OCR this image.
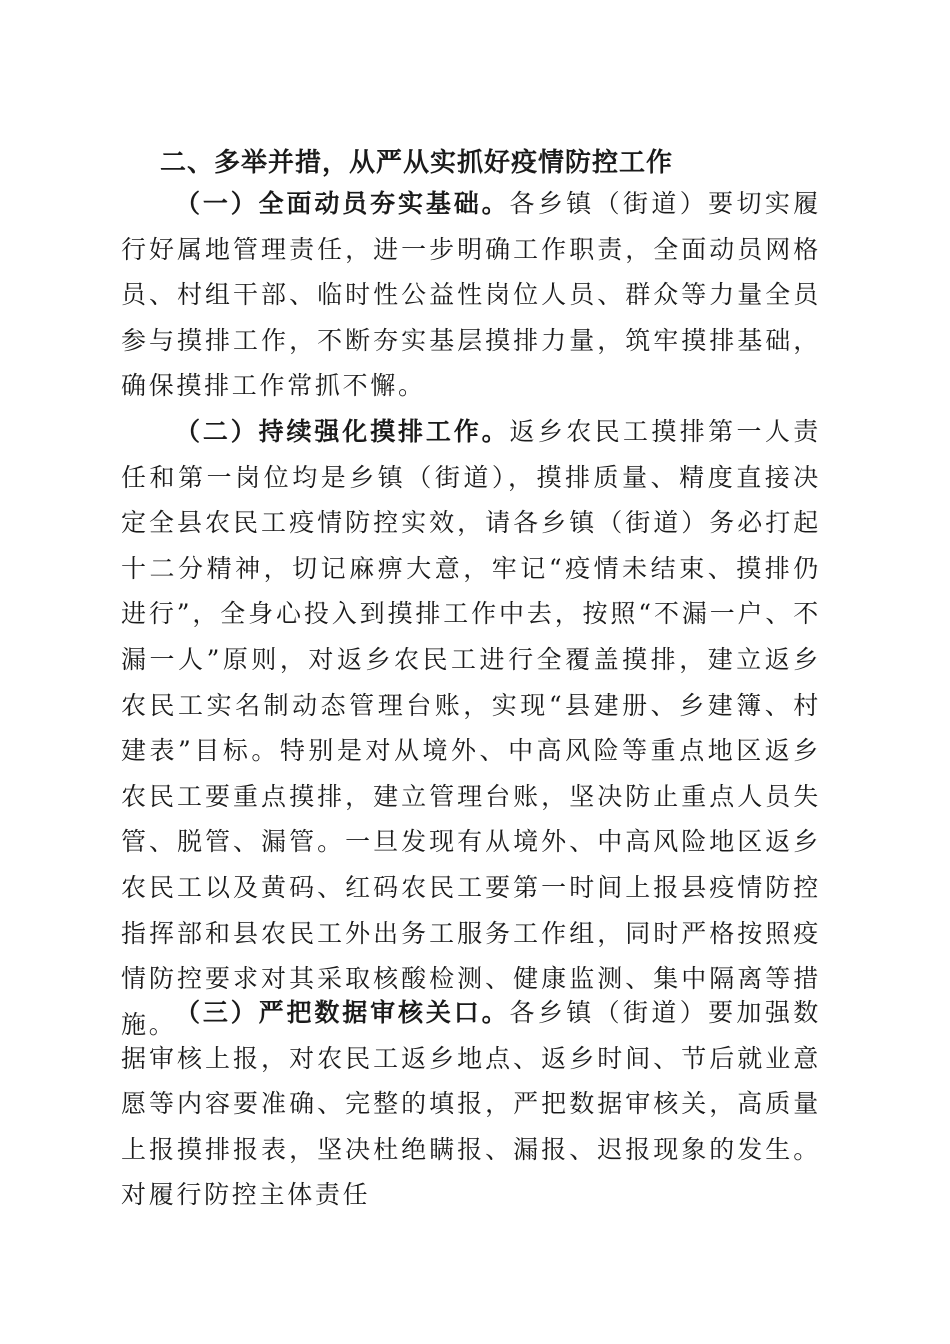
二、多举并措，从严从实抓好疫情防控工作

（一）全面动员夯实基础。各乡镇（街道）要切实履行好属地管理责任，进一步明确工作职责，全面动员网格员、村组干部、临时性公益性岗位人员、群众等力量全员参与摸排工作，不断夯实基层摸排力量，筑牢摸排基础，确保摸排工作常抓不懈。

（二）持续强化摸排工作。返乡农民工摸排第一人责任和第一岗位均是乡镇（街道），摸排质量、精度直接决定全县农民工疫情防控实效，请各乡镇（街道）务必打起十二分精神，切记麻痹大意，牢记“疫情未结束、摸排仍进行”，全身心投入到摸排工作中去，按照“不漏一户、不漏一人”原则，对返乡农民工进行全覆盖摸排，建立返乡农民工实名制动态管理台账，实现“县建册、乡建簿、村建表”目标。特别是对从境外、中高风险等重点地区返乡农民工要重点摸排，建立管理台账，坚决防止重点人员失管、脱管、漏管。一旦发现有从境外、中高风险地区返乡农民工以及黄码、红码农民工要第一时间上报县疫情防控指挥部和县农民工外出务工服务工作组，同时严格按照疫情防控要求对其采取核酸检测、健康监测、集中隔离等措施。

（三）严把数据审核关口。各乡镇（街道）要加强数据审核上报，对农民工返乡地点、返乡时间、节后就业意愿等内容要准确、完整的填报，严把数据审核关，高质量上报摸排报表，坚决杜绝瞒报、漏报、迟报现象的发生。对履行防控主体责任
